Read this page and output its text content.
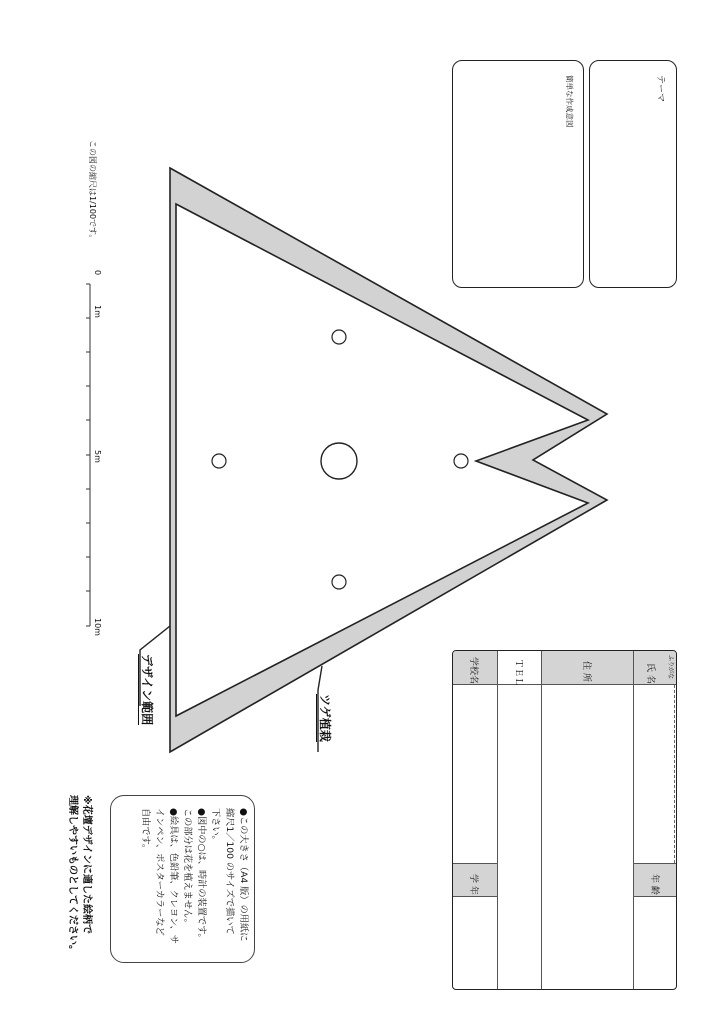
テーマ
簡単な作成意図
この図の縮尺は1/100です。
0
1m
5m
10m
デザイン範囲	ツゲ植栽
ふりがな
氏 名
年 齢
住 所
ＴＥＬ
学校名
学 年
●この大きさ（A4 版）の用紙に
縮尺1／100 のサイズで描いて
下さい。
●図中の○は、時計の装置です。
この部分は花を植えません。
●絵具は、色鉛筆、クレヨン、サ
インペン、ポスターカラーなど
自由です。
※花壇デザインに適した絵柄で
理解しやすいものとしてください。
